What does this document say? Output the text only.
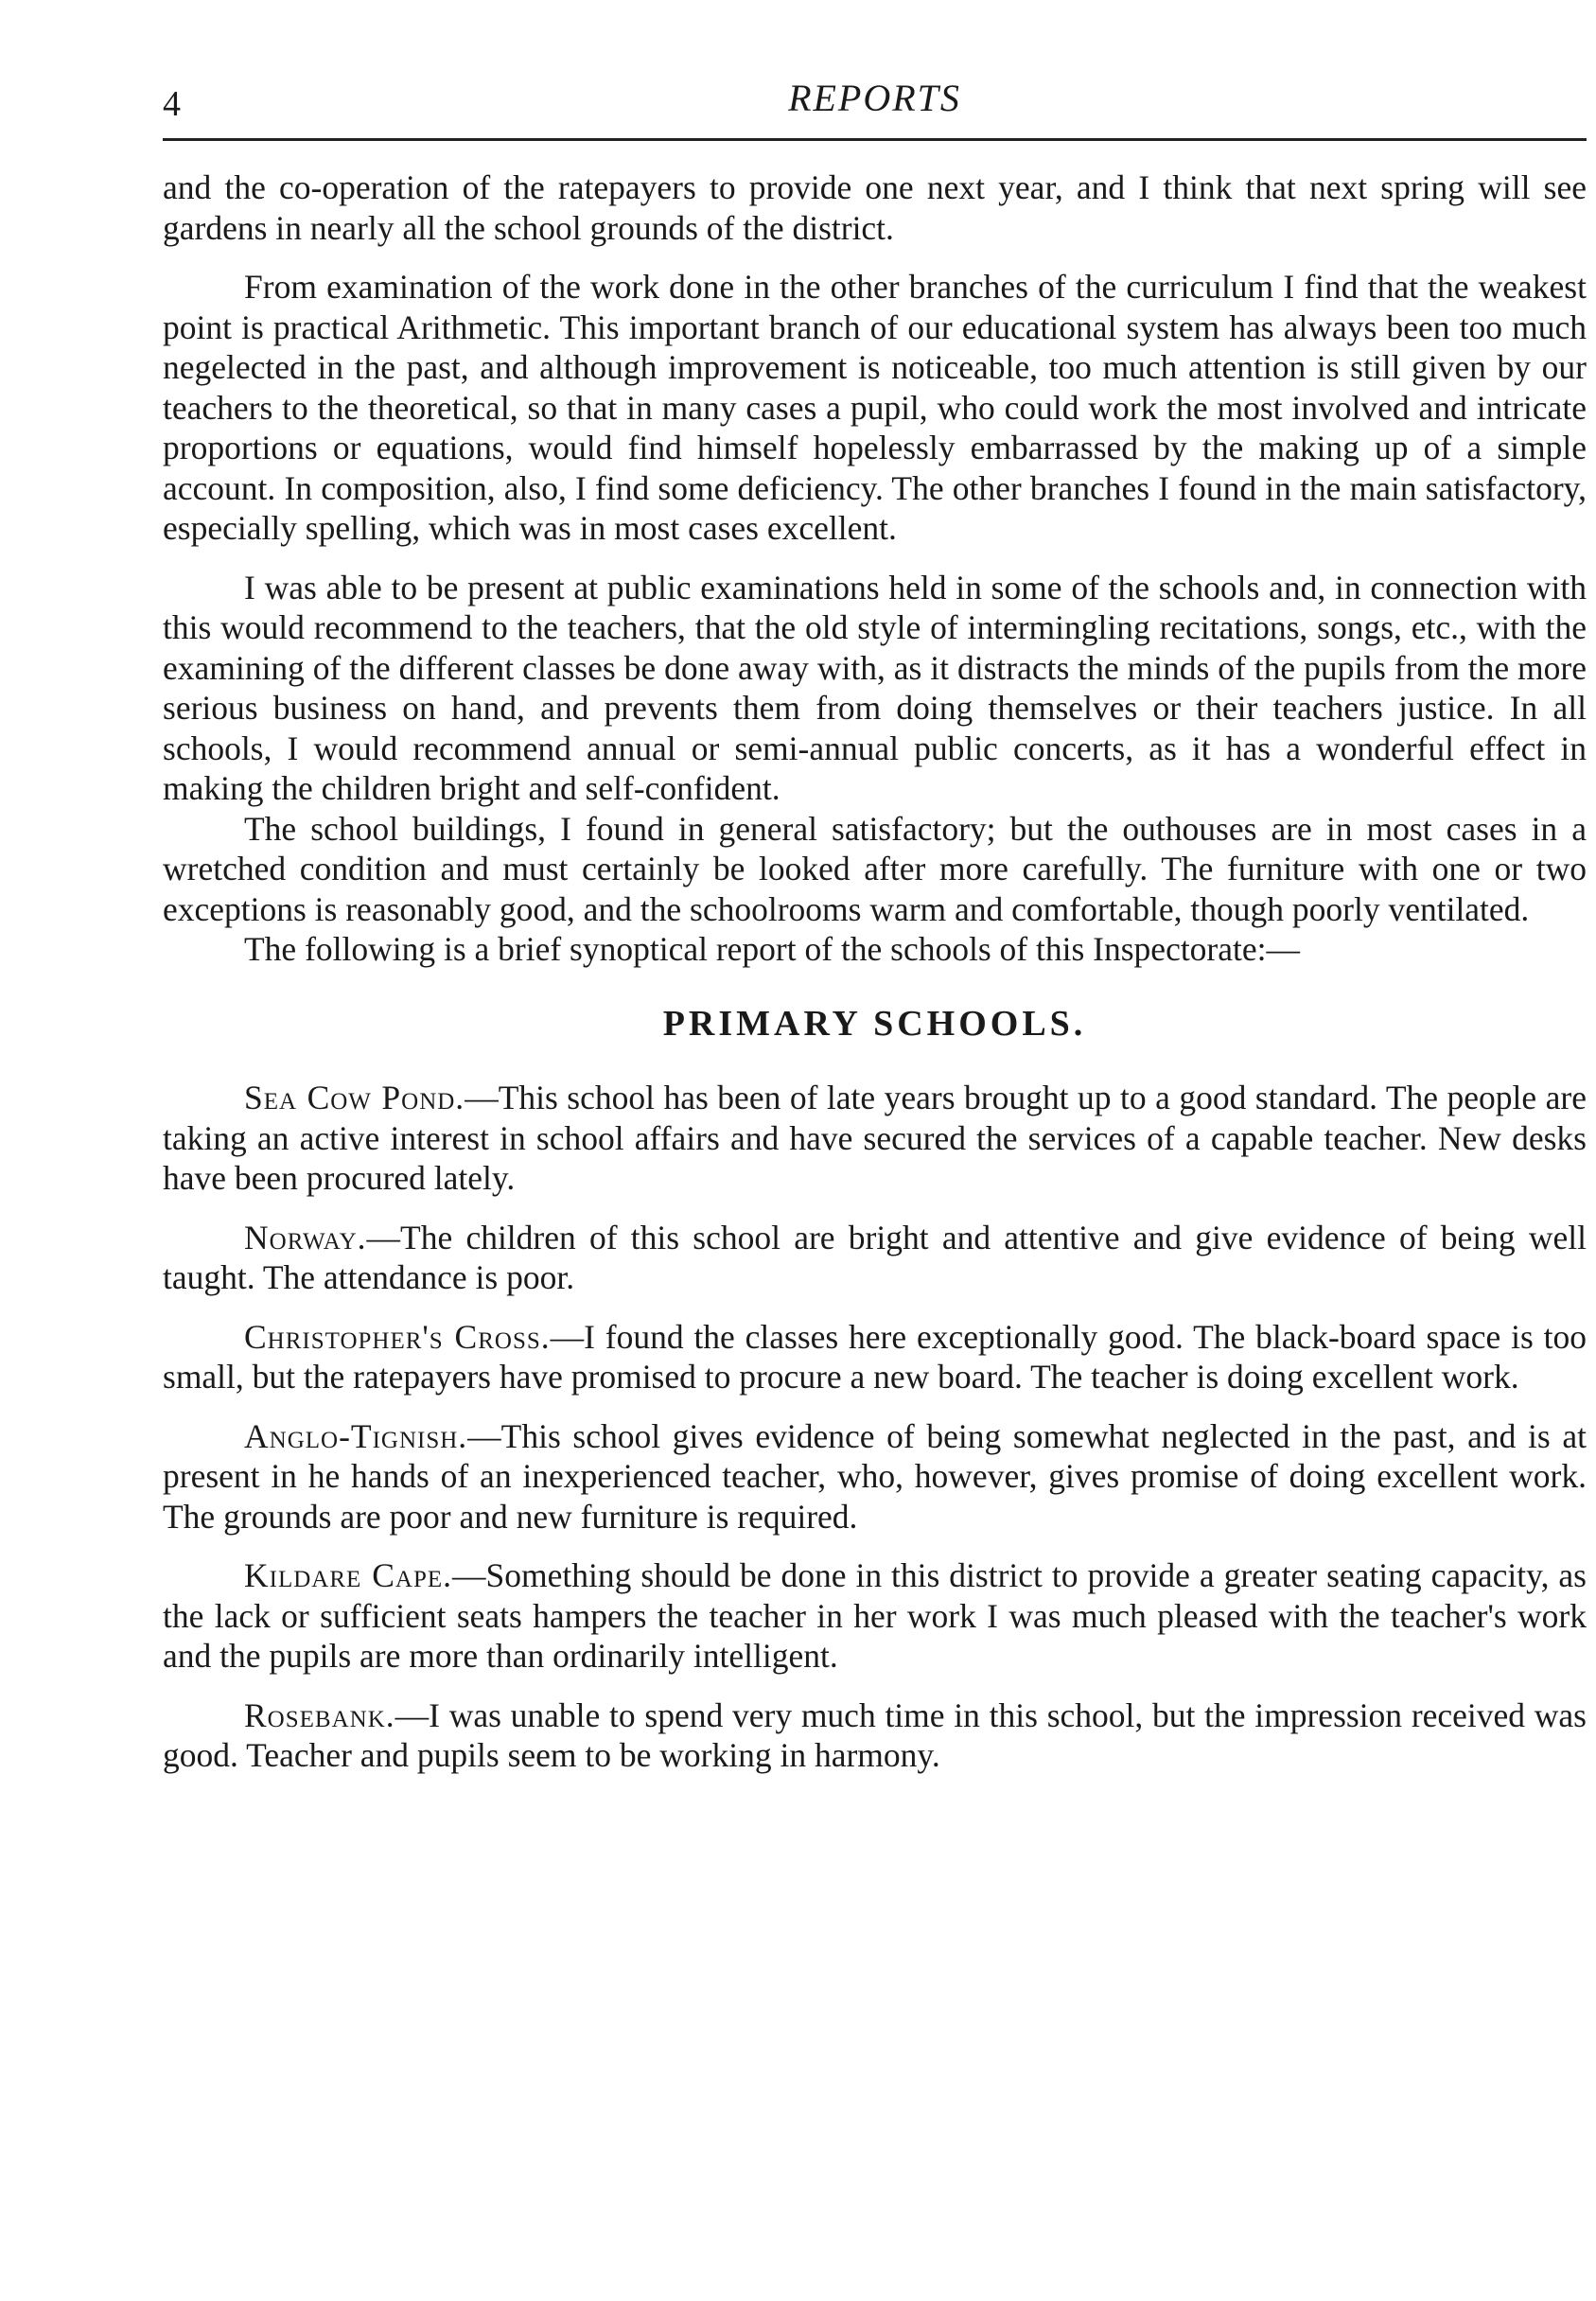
4	REPORTS

and the co-operation of the ratepayers to provide one next year, and I think that next spring will see gardens in nearly all the school grounds of the district.

From examination of the work done in the other branches of the curriculum I find that the weakest point is practical Arithmetic. This important branch of our educational system has always been too much negelected in the past, and although improvement is noticeable, too much attention is still given by our teachers to the theoretical, so that in many cases a pupil, who could work the most involved and intricate proportions or equations, would find himself hopelessly embarrassed by the making up of a simple account. In composition, also, I find some deficiency. The other branches I found in the main satisfactory, especially spelling, which was in most cases excellent.

I was able to be present at public examinations held in some of the schools and, in connection with this would recommend to the teachers, that the old style of intermingling recitations, songs, etc., with the examining of the different classes be done away with, as it distracts the minds of the pupils from the more serious business on hand, and prevents them from doing themselves or their teachers justice. In all schools, I would recommend annual or semi-annual public concerts, as it has a wonderful effect in making the children bright and self-confident.

The school buildings, I found in general satisfactory; but the outhouses are in most cases in a wretched condition and must certainly be looked after more carefully. The furniture with one or two exceptions is reasonably good, and the schoolrooms warm and comfortable, though poorly ventilated.

The following is a brief synoptical report of the schools of this Inspectorate:—

PRIMARY SCHOOLS.

Sea Cow Pond.—This school has been of late years brought up to a good standard. The people are taking an active interest in school affairs and have secured the services of a capable teacher. New desks have been procured lately.

Norway.—The children of this school are bright and attentive and give evidence of being well taught. The attendance is poor.

Christopher's Cross.—I found the classes here exceptionally good. The black-board space is too small, but the ratepayers have promised to procure a new board. The teacher is doing excellent work.

Anglo-Tignish.—This school gives evidence of being somewhat neglected in the past, and is at present in he hands of an inexperienced teacher, who, however, gives promise of doing excellent work. The grounds are poor and new furniture is required.

Kildare Cape.—Something should be done in this district to provide a greater seating capacity, as the lack or sufficient seats hampers the teacher in her work I was much pleased with the teacher's work and the pupils are more than ordinarily intelligent.

Rosebank.—I was unable to spend very much time in this school, but the impression received was good. Teacher and pupils seem to be working in harmony.
